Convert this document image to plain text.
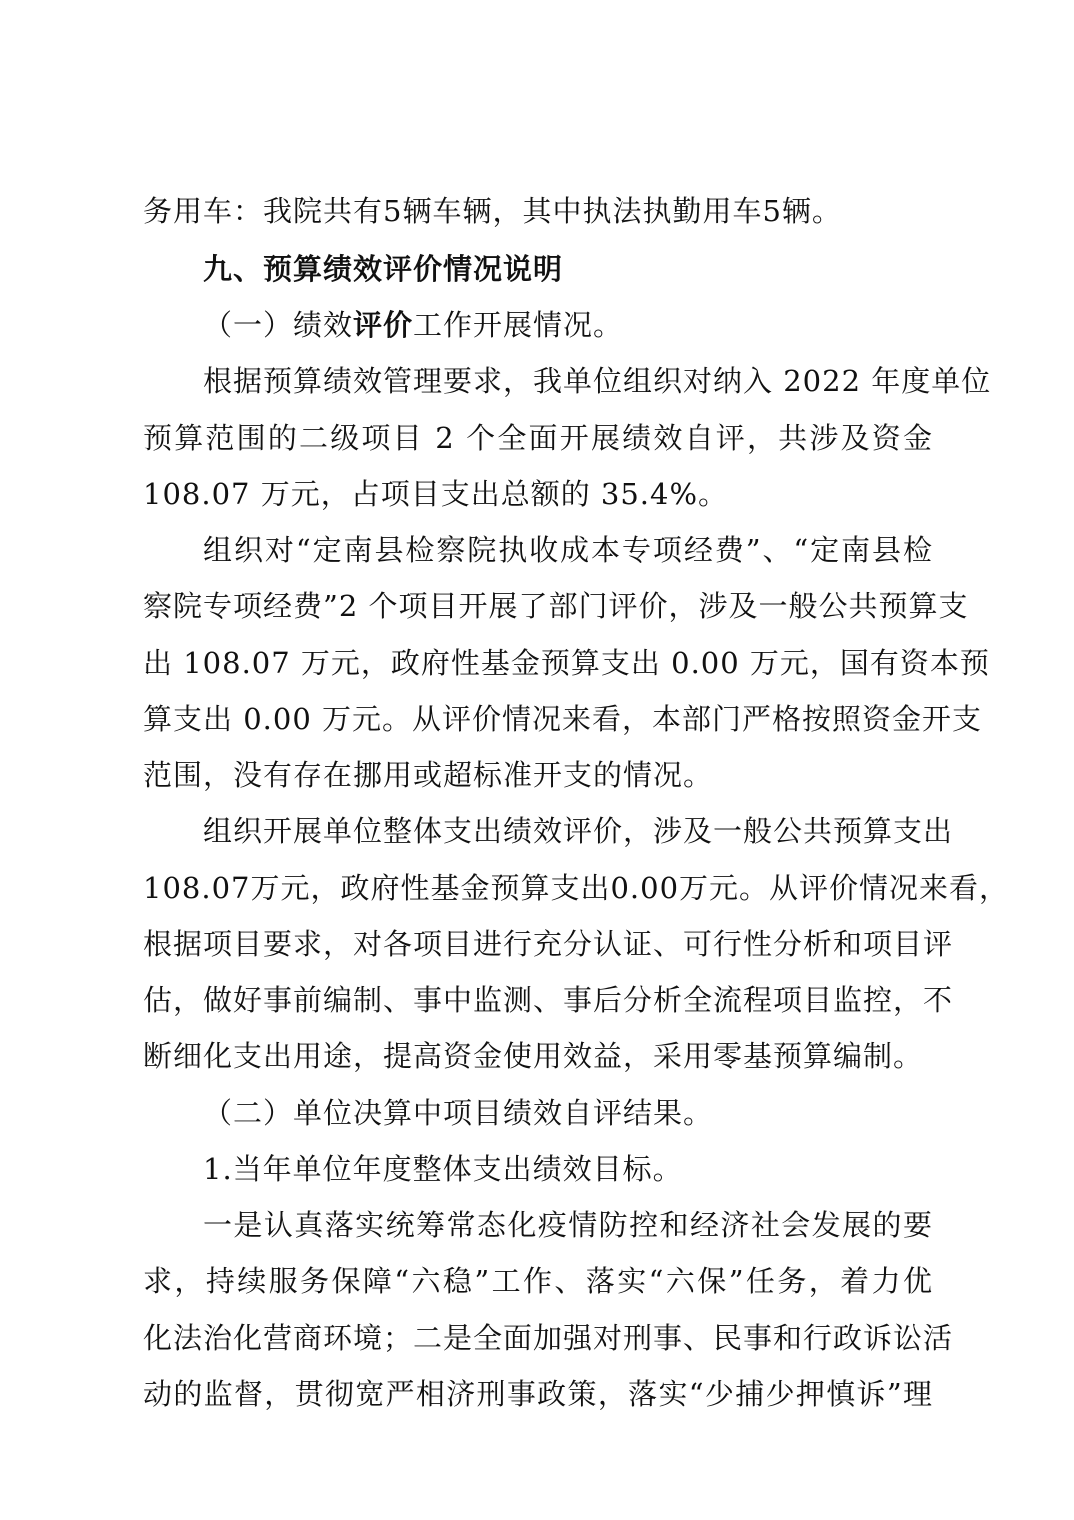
务用车：我院共有5辆车辆，其中执法执勤用车5辆。
九、预算绩效评价情况说明
（一）绩效评价工作开展情况。
根据预算绩效管理要求，我单位组织对纳入 2022 年度单位
预算范围的二级项目 2 个全面开展绩效自评，共涉及资金
108.07 万元，占项目支出总额的 35.4%。
组织对“定南县检察院执收成本专项经费”、“定南县检
察院专项经费”2 个项目开展了部门评价，涉及一般公共预算支
出 108.07 万元，政府性基金预算支出 0.00 万元，国有资本预
算支出 0.00 万元。从评价情况来看，本部门严格按照资金开支
范围，没有存在挪用或超标准开支的情况。
组织开展单位整体支出绩效评价，涉及一般公共预算支出
108.07万元，政府性基金预算支出0.00万元。从评价情况来看，
根据项目要求，对各项目进行充分认证、可行性分析和项目评
估，做好事前编制、事中监测、事后分析全流程项目监控，不
断细化支出用途，提高资金使用效益，采用零基预算编制。
（二）单位决算中项目绩效自评结果。
1.当年单位年度整体支出绩效目标。
一是认真落实统筹常态化疫情防控和经济社会发展的要
求，持续服务保障“六稳”工作、落实“六保”任务，着力优
化法治化营商环境；二是全面加强对刑事、民事和行政诉讼活
动的监督，贯彻宽严相济刑事政策，落实“少捕少押慎诉”理
